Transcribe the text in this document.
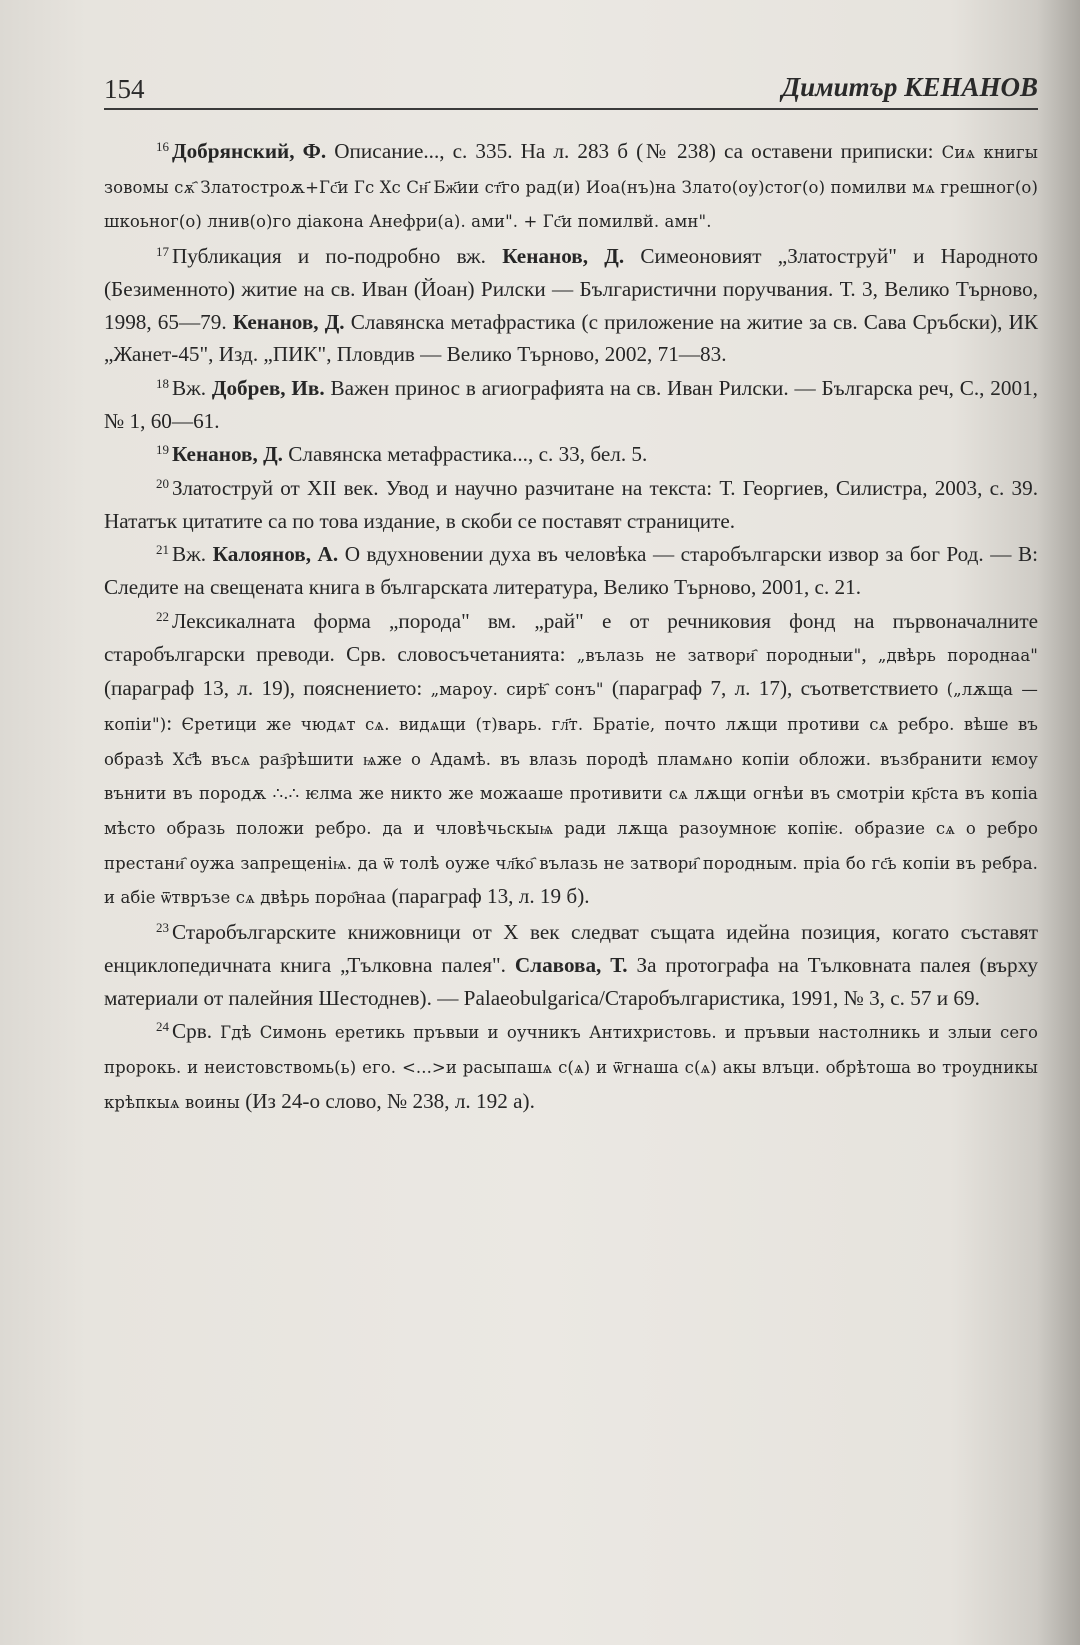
154	Димитър КЕНАНОВ

$^{16}$ Добрянский, Ф. Описание..., с. 335. На л. 283 б (№ 238) са оставени приписки: Сиѧ книгы зовомы сѫ҄ Златостроѫ+Гс҃и Гс Хс Сн҃ Бж҃ии ст҃го рад(и) Иоа(нъ)на Злато(оу)стог(о) помилви мѧ грешног(о) шкоьног(о) лнив(о)го дiакона Анефри(а). ами". + Гс҃и помилвй. амн".

$^{17}$ Публикация и по-подробно вж. Кенанов, Д. Симеоновият „Златоструй" и Народното (Безименното) житие на св. Иван (Йоан) Рилски — Българистични поручвания. Т. 3, Велико Търново, 1998, 65—79. Кенанов, Д. Славянска метафрастика (с приложение на житие за св. Сава Сръбски), ИК „Жанет-45", Изд. „ПИК", Пловдив — Велико Търново, 2002, 71—83.

$^{18}$ Вж. Добрев, Ив. Важен принос в агиографията на св. Иван Рилски. — Българска реч, С., 2001, № 1, 60—61.

$^{19}$ Кенанов, Д. Славянска метафрастика..., с. 33, бел. 5.

$^{20}$ Златоструй от XII век. Увод и научно разчитане на текста: Т. Георгиев, Силистра, 2003, с. 39. Нататък цитатите са по това издание, в скоби се поставят страниците.

$^{21}$ Вж. Калоянов, А. О вдухновении духа въ человѣка — старобългарски извор за бог Род. — В: Следите на свещената книга в българската литература, Велико Търново, 2001, с. 21.

$^{22}$ Лексикалната форма „порода" вм. „рай" е от речниковия фонд на първоначалните старобългарски преводи. Срв. словосъчетанията: „вълазь не затвори҄ породныи", „двѣрь породнаа" (параграф 13, л. 19), пояснението: „мароу. сирѣ҄ сонъ" (параграф 7, л. 17), съответствието („лѫща — копiи"): Єретици же чюдѧт сѧ. видѧщи (т)варь. гл҃т. Братiе, почто лѫщи противи сѧ ребро. вѣше въ образѣ Хс҃ѣ въсѧ раз҄рѣшити ѩже о Адамѣ. въ влазь породѣ пламѧно копiи обложи. възбранити ѥмоу вънити въ породѫ ∴.∴ ѥлма же никто же можааше противити сѧ лѫщи огнѣи въ смотрiи кр҃ста въ копiа мѣсто образь положи ребро. да и чловѣчьскыѩ ради лѫща разоумноѥ копiѥ. образие сѧ о ребро престани҄ оужа запрещенiѩ. да ѿ толѣ оуже чл҃ко҄ вълазь не затвори҄ породным. прiа бо гс҃ь копiи въ ребра. и абiе ѿтвръзе сѧ двѣрь поро҄наа (параграф 13, л. 19 б).

$^{23}$ Старобългарските книжовници от X век следват същата идейна позиция, когато съставят енциклопедичната книга „Тълковна палея". Славова, Т. За протографа на Тълковната палея (върху материали от палейния Шестоднев). — Palaeobulgarica/Старобългаристика, 1991, № 3, с. 57 и 69.

$^{24}$ Срв. Гдѣ Симонь еретикь пръвыи и оучникъ Антихристовь. и пръвыи настолникь и злыи сего пророкь. и неистовствомь(ь) его. <...>и расыпашѧ с(ѧ) и ѿгнаша с(ѧ) акы влъци. обрѣтоша во троудникы крѣпкыѧ воины (Из 24-о слово, № 238, л. 192 а).
